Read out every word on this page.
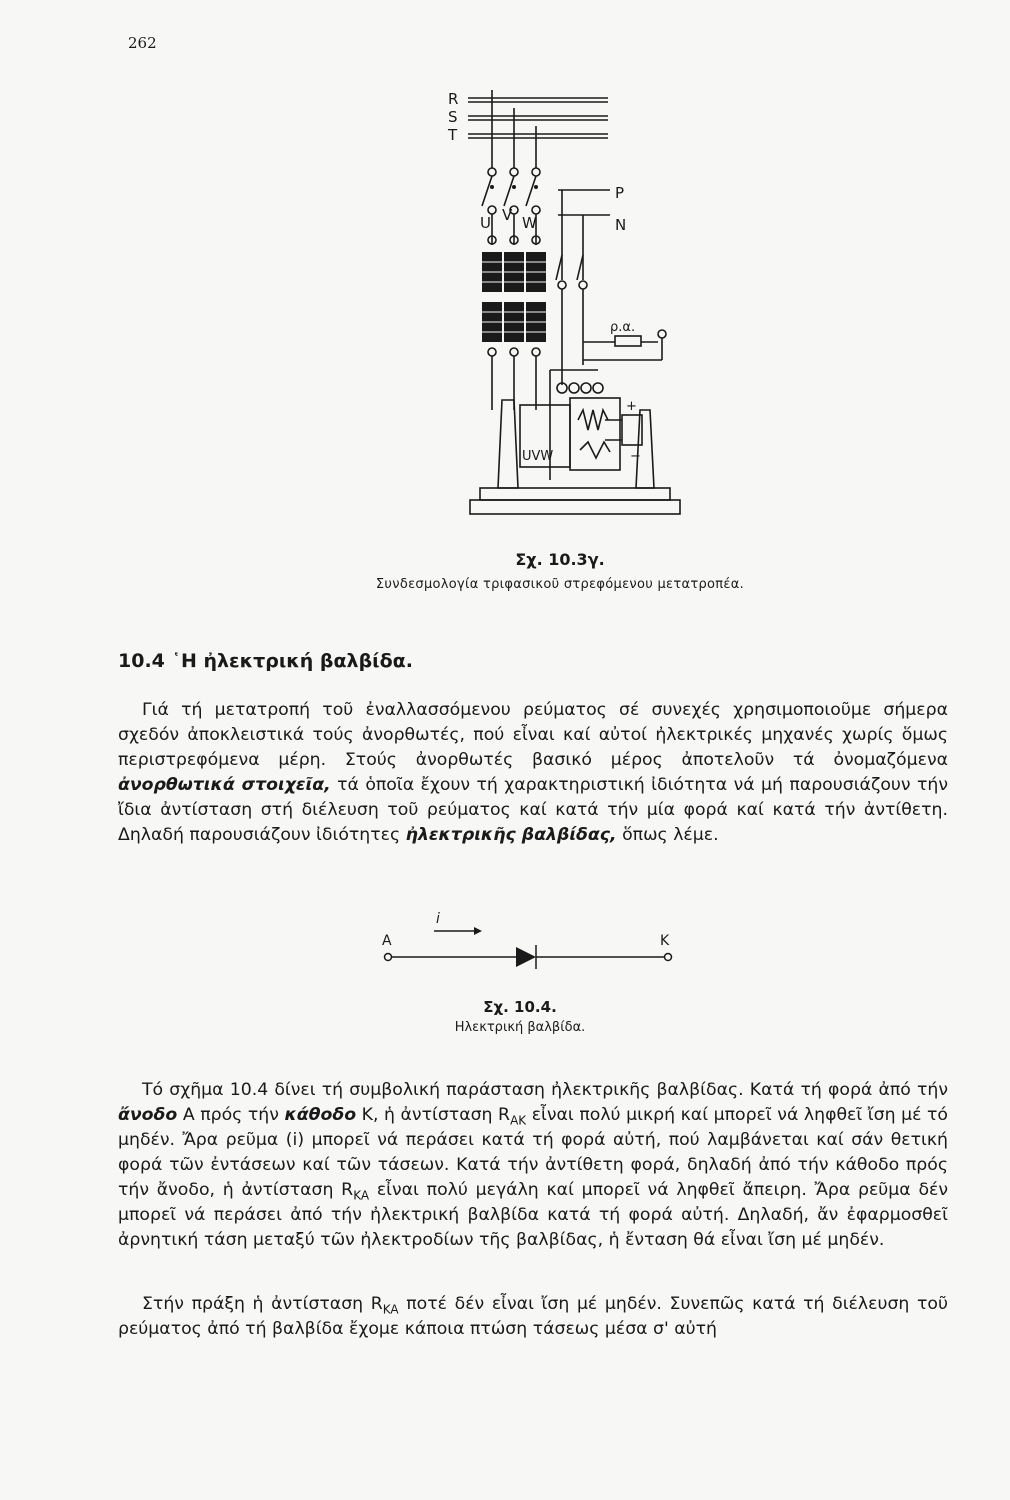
262
R
S
T
U V W
P
N
ρ.α.
UVW
+
−
Σχ. 10.3γ.
Συνδεσμολογία τριφασικοῦ στρεφόμενου μετατροπέα.
10.4 ῾Η ἠλεκτρική βαλβίδα.
Γιά τή μετατροπή τοῦ ἐναλλασσόμενου ρεύματος σέ συνεχές χρησιμοποιοῦμε σήμερα σχεδόν ἀποκλειστικά τούς ἀνορθωτές, πού εἶναι καί αὐτοί ἠλεκτρικές μηχανές χωρίς ὅμως περιστρεφόμενα μέρη. Στούς ἀνορθωτές βασικό μέρος ἀποτελοῦν τά ὀνομαζόμενα ἀνορθωτικά στοιχεῖα, τά ὁποῖα ἔχουν τή χαρακτηριστική ἰδιότητα νά μή παρουσιάζουν τήν ἴδια ἀντίσταση στή διέλευση τοῦ ρεύματος καί κατά τήν μία φορά καί κατά τήν ἀντίθετη. Δηλαδή παρουσιάζουν ἰδιότητες ἠλεκτρικῆς βαλβίδας, ὅπως λέμε.
A	K
i
Σχ. 10.4.
Ηλεκτρική βαλβίδα.
Τό σχῆμα 10.4 δίνει τή συμβολική παράσταση ἠλεκτρικῆς βαλβίδας. Κατά τή φορά ἀπό τήν ἄνοδο A πρός τήν κάθοδο K, ἡ ἀντίσταση $R_{AK}$ εἶναι πολύ μικρή καί μπορεῖ νά ληφθεῖ ἴση μέ τό μηδέν. Ἄρα ρεῦμα (i) μπορεῖ νά περάσει κατά τή φορά αὐτή, πού λαμβάνεται καί σάν θετική φορά τῶν ἐντάσεων καί τῶν τάσεων. Κατά τήν ἀντίθετη φορά, δηλαδή ἀπό τήν κάθοδο πρός τήν ἄνοδο, ἡ ἀντίσταση $R_{KA}$ εἶναι πολύ μεγάλη καί μπορεῖ νά ληφθεῖ ἄπειρη. Ἄρα ρεῦμα δέν μπορεῖ νά περάσει ἀπό τήν ἠλεκτρική βαλβίδα κατά τή φορά αὐτή. Δηλαδή, ἄν ἐφαρμοσθεῖ ἀρνητική τάση μεταξύ τῶν ἠλεκτροδίων τῆς βαλβίδας, ἡ ἔνταση θά εἶναι ἴση μέ μηδέν.
Στήν πράξη ἡ ἀντίσταση $R_{KA}$ ποτέ δέν εἶναι ἴση μέ μηδέν. Συνεπῶς κατά τή διέλευση τοῦ ρεύματος ἀπό τή βαλβίδα ἔχομε κάποια πτώση τάσεως μέσα σ' αὐτή
